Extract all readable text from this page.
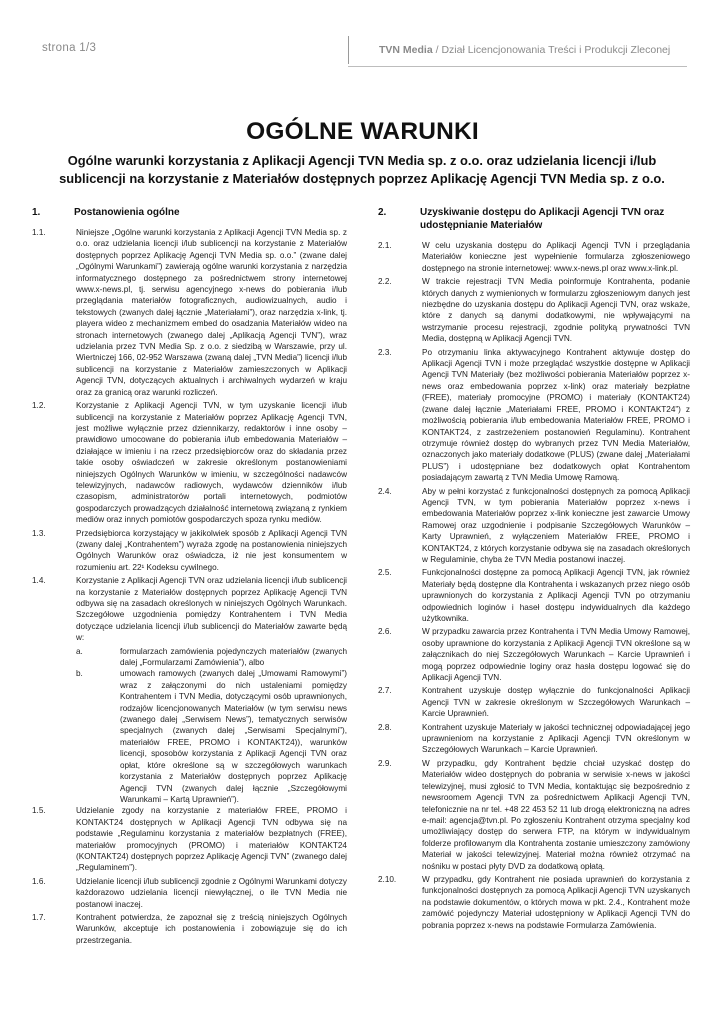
strona 1/3	TVN Media / Dział Licencjonowania Treści i Produkcji Zleconej
OGÓLNE WARUNKI
Ogólne warunki korzystania z Aplikacji Agencji TVN Media sp. z o.o. oraz udzielania licencji i/lub sublicencji na korzystanie z Materiałów dostępnych poprzez Aplikację Agencji TVN Media sp. z o.o.
1.	Postanowienia ogólne
1.1.	Niniejsze „Ogólne warunki korzystania z Aplikacji Agencji TVN Media sp. z o.o. oraz udzielania licencji i/lub sublicencji na korzystanie z Materiałów dostępnych poprzez Aplikację Agencji TVN Media sp. o.o.” (zwane dalej „Ogólnymi Warunkami”) zawierają ogólne warunki korzystania z narzędzia informatycznego dostępnego za pośrednictwem strony internetowej www.x-news.pl, tj. serwisu agencyjnego x-news do pobierania i/lub przeglądania materiałów fotograficznych, audiowizualnych, audio i tekstowych (zwanych dalej łącznie „Materiałami”), oraz narzędzia x-link, tj. playera wideo z mechanizmem embed do osadzania Materiałów wideo na stronach internetowych (zwanego dalej „Aplikacją Agencji TVN”), wraz udzielania przez TVN Media Sp. z o.o. z siedzibą w Warszawie, przy ul. Wiertniczej 166, 02-952 Warszawa (zwaną dalej „TVN Media”) licencji i/lub sublicencji na korzystanie z Materiałów zamieszczonych w Aplikacji Agencji TVN, dotyczących aktualnych i archiwalnych wydarzeń w kraju oraz za granicą oraz warunki rozliczeń.
1.2.	Korzystanie z Aplikacji Agencji TVN, w tym uzyskanie licencji i/lub sublicencji na korzystanie z Materiałów poprzez Aplikację Agencji TVN, jest możliwe wyłącznie przez dziennikarzy, redaktorów i inne osoby – prawidłowo umocowane do pobierania i/lub embedowania Materiałów – działające w imieniu i na rzecz przedsiębiorców oraz do składania przez takie osoby oświadczeń w zakresie określonym postanowieniami niniejszych Ogólnych Warunków w imieniu, w szczególności nadawców telewizyjnych, nadawców radiowych, wydawców dzienników i/lub czasopism, administratorów portali internetowych, podmiotów gospodarczych prowadzących działalność internetową związaną z rynkiem mediów oraz innych pomiotów gospodarczych spoza rynku mediów.
1.3.	Przedsiębiorca korzystający w jakikolwiek sposób z Aplikacji Agencji TVN (zwany dalej „Kontrahentem”) wyraża zgodę na postanowienia niniejszych Ogólnych Warunków oraz oświadcza, iż nie jest konsumentem w rozumieniu art. 22¹ Kodeksu cywilnego.
1.4.	Korzystanie z Aplikacji Agencji TVN oraz udzielania licencji i/lub sublicencji na korzystanie z Materiałów dostępnych poprzez Aplikację Agencji TVN odbywa się na zasadach określonych w niniejszych Ogólnych Warunkach. Szczegółowe uzgodnienia pomiędzy Kontrahentem i TVN Media dotyczące udzielania licencji i/lub sublicencji do Materiałów zawarte będą w:
a.	formularzach zamówienia pojedynczych materiałów (zwanych dalej „Formularzami Zamówienia”), albo
b.	umowach ramowych (zwanych dalej „Umowami Ramowymi”) wraz z załączonymi do nich ustaleniami pomiędzy Kontrahentem i TVN Media, dotyczącymi osób uprawnionych, rodzajów licencjonowanych Materiałów (w tym serwisu news (zwanego dalej „Serwisem News”), tematycznych serwisów specjalnych (zwanych dalej „Serwisami Specjalnymi”), materiałów FREE, PROMO i KONTAKT24)), warunków licencji, sposobów korzystania z Aplikacji Agencji TVN oraz opłat, które określone są w szczegółowych warunkach korzystania z Materiałów dostępnych poprzez Aplikację Agencji TVN (zwanych dalej łącznie „Szczegółowymi Warunkami – Kartą Uprawnień”).
1.5.	Udzielanie zgody na korzystanie z materiałów FREE, PROMO i KONTAKT24 dostępnych w Aplikacji Agencji TVN odbywa się na podstawie „Regulaminu korzystania z materiałów bezpłatnych (FREE), materiałów promocyjnych (PROMO) i materiałów KONTAKT24 (KONTAKT24) dostępnych poprzez Aplikację Agencji TVN” (zwanego dalej „Regulaminem”).
1.6.	Udzielanie licencji i/lub sublicencji zgodnie z Ogólnymi Warunkami dotyczy każdorazowo udzielania licencji niewyłącznej, o ile TVN Media nie postanowi inaczej.
1.7.	Kontrahent potwierdza, że zapoznał się z treścią niniejszych Ogólnych Warunków, akceptuje ich postanowienia i zobowiązuje się do ich przestrzegania.
2.	Uzyskiwanie dostępu do Aplikacji Agencji TVN oraz udostępnianie Materiałów
2.1.	W celu uzyskania dostępu do Aplikacji Agencji TVN i przeglądania Materiałów konieczne jest wypełnienie formularza zgłoszeniowego dostępnego na stronie internetowej: www.x-news.pl oraz www.x-link.pl.
2.2.	W trakcie rejestracji TVN Media poinformuje Kontrahenta, podanie których danych z wymienionych w formularzu zgłoszeniowym danych jest niezbędne do uzyskania dostępu do Aplikacji Agencji TVN, oraz wskaże, które z danych są danymi dodatkowymi, nie wpływającymi na wstrzymanie procesu rejestracji, zgodnie polityką prywatności TVN Media, dostępną w Aplikacji Agencji TVN.
2.3.	Po otrzymaniu linka aktywacyjnego Kontrahent aktywuje dostęp do Aplikacji Agencji TVN i może przeglądać wszystkie dostępne w Aplikacji Agencji TVN Materiały (bez możliwości pobierania Materiałów poprzez x-news oraz embedowania poprzez x-link) oraz materiały bezpłatne (FREE), materiały promocyjne (PROMO) i materiały (KONTAKT24) (zwane dalej łącznie „Materiałami FREE, PROMO i KONTAKT24”) z możliwością pobierania i/lub embedowania Materiałów FREE, PROMO i KONTAKT24, z zastrzeżeniem postanowień Regulaminu). Kontrahent otrzymuje również dostęp do wybranych przez TVN Media Materiałów, oznaczonych jako materiały dodatkowe (PLUS) (zwane dalej „Materiałami PLUS”) i udostępniane bez dodatkowych opłat Kontrahentom posiadającym zawartą z TVN Media Umowę Ramową.
2.4.	Aby w pełni korzystać z funkcjonalności dostępnych za pomocą Aplikacji Agencji TVN, w tym pobierania Materiałów poprzez x-news i embedowania Materiałów poprzez x-link konieczne jest zawarcie Umowy Ramowej oraz uzgodnienie i podpisanie Szczegółowych Warunków – Karty Uprawnień, z wyłączeniem Materiałów FREE, PROMO i KONTAKT24, z których korzystanie odbywa się na zasadach określonych w Regulaminie, chyba że TVN Media postanowi inaczej.
2.5.	Funkcjonalności dostępne za pomocą Aplikacji Agencji TVN, jak również Materiały będą dostępne dla Kontrahenta i wskazanych przez niego osób uprawnionych do korzystania z Aplikacji Agencji TVN po otrzymaniu odpowiednich loginów i haseł dostępu indywidualnych dla każdego użytkownika.
2.6.	W przypadku zawarcia przez Kontrahenta i TVN Media Umowy Ramowej, osoby uprawnione do korzystania z Aplikacji Agencji TVN określone są w załącznikach do niej Szczegółowych Warunkach – Karcie Uprawnień i mogą poprzez odpowiednie loginy oraz hasła dostępu logować się do Aplikacji Agencji TVN.
2.7.	Kontrahent uzyskuje dostęp wyłącznie do funkcjonalności Aplikacji Agencji TVN w zakresie określonym w Szczegółowych Warunkach – Karcie Uprawnień.
2.8.	Kontrahent uzyskuje Materiały w jakości technicznej odpowiadającej jego uprawnieniom na korzystanie z Aplikacji Agencji TVN określonym w Szczegółowych Warunkach – Karcie Uprawnień.
2.9.	W przypadku, gdy Kontrahent będzie chciał uzyskać dostęp do Materiałów wideo dostępnych do pobrania w serwisie x-news w jakości telewizyjnej, musi zgłosić to TVN Media, kontaktując się bezpośrednio z newsroomem Agencji TVN za pośrednictwem Aplikacji Agencji TVN, telefonicznie na nr tel. +48 22 453 52 11 lub drogą elektroniczną na adres e-mail: agencja@tvn.pl. Po zgłoszeniu Kontrahent otrzyma specjalny kod umożliwiający dostęp do serwera FTP, na którym w indywidualnym folderze profilowanym dla Kontrahenta zostanie umieszczony zamówiony Materiał w jakości telewizyjnej. Materiał można również otrzymać na nośniku w postaci płyty DVD za dodatkową opłatą.
2.10.	W przypadku, gdy Kontrahent nie posiada uprawnień do korzystania z funkcjonalności dostępnych za pomocą Aplikacji Agencji TVN uzyskanych na podstawie dokumentów, o których mowa w pkt. 2.4., Kontrahent może zamówić pojedynczy Materiał udostępniony w Aplikacji Agencji TVN do pobrania poprzez x-news na podstawie Formularza Zamówienia.
